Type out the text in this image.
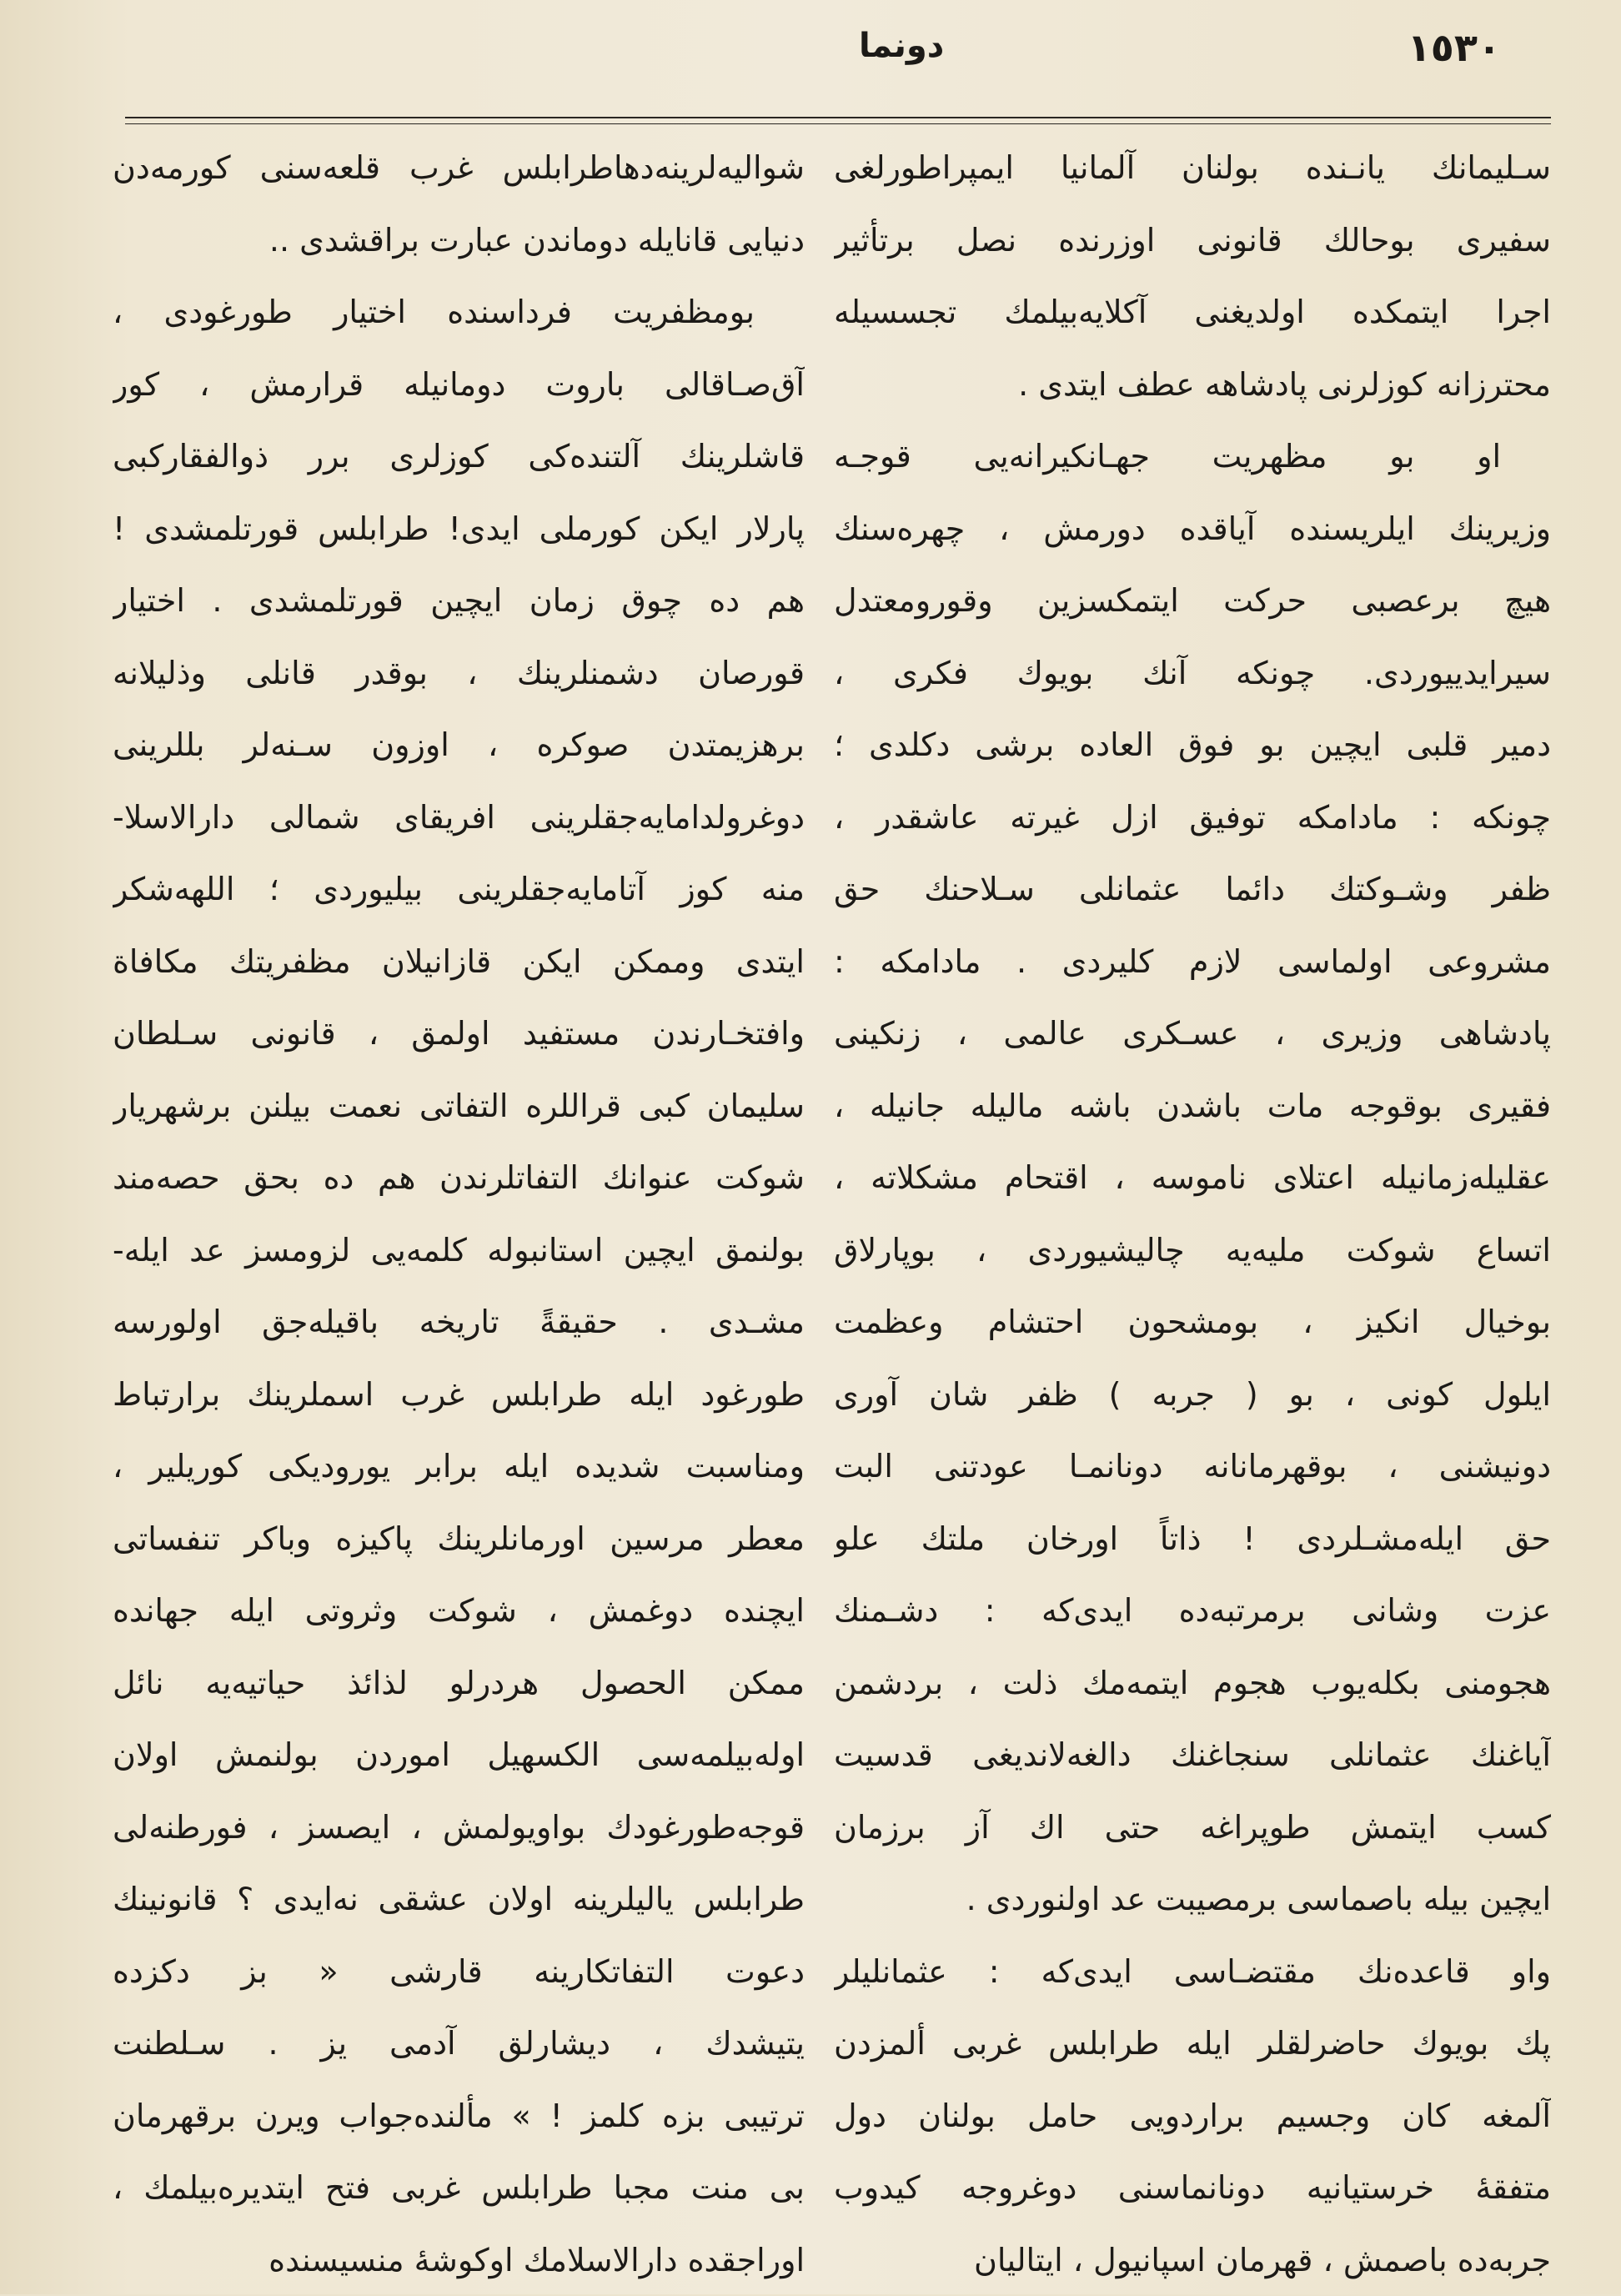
١٥٣٠
دونما
سـليمانك يانـنده بولنان آلمانيا ايمپراطورلغى
سفيرى بوحالك قانونى اوزرنده نصل برتأثير
اجرا ايتمكده اولديغنى آكلايه‌بيلمك تجسسيله
محترزانه كوزلرنى پادشاهه عطف ايتدى .
او بو مظهريت جهـانكيرانه‌يى قوجـه
وزيرينك ايلريسنده آياقده دورمش ، چهره‌سنك
هيچ برعصبى حركت ايتمكسزين وقورومعتدل
سيرايدييوردى. چونكه آنك بويوك فكرى ،
دمير قلبى ايچين بو فوق العاده برشى دكلدى ؛
چونكه : مادامكه توفيق ازل غيرته عاشقدر ،
ظفر وشـوكتك دائما عثمانلى سـلاحنك حق
مشروعى اولماسى لازم كليردى . مادامكه :
پادشاهى وزيرى ، عسـكرى عالمى ، زنكينى
فقيرى بوقوجه مات باشدن باشه ماليله جانيله ،
عقليله‌زمانيله اعتلاى ناموسه ، اقتحام مشكلاته ،
اتساع شوكت مليه‌يه چاليشيوردى ، بوپارلاق
بوخيال انكيز ، بومشحون احتشام وعظمت
ايلول كونى ، بو ( جربه ) ظفر شان آورى
دونيشنى ، بوقهرمانانه دونانمـا عودتنى البت
حق ايله‌مشـلردى ! ذاتاً اورخان ملتك علو
عزت وشانى برمرتبه‌ده ايدى‌كه : دشـمنك
هجومنى بكله‌يوب هجوم ايتمه‌مك ذلت ، بردشمن
آياغنك عثمانلى سنجاغنك دالغه‌لانديغى قدسيت
كسب ايتمش طوپراغه حتى اك آز برزمان
ايچين بيله باصماسى برمصيبت عد اولنوردى .
واو قاعده‌نك مقتضـاسى ايدى‌كه : عثمانليلر
پك بويوك حاضرلقلر ايله طرابلس غربى ألمزدن
آلمغه كان وجسيم براردويى حامل بولنان دول
متفقهٔ خرستيانيه دونانماسنى دوغروجه كيدوب
جربه‌ده باصمش ، قهرمان اسپانيول ، ايتاليان
شواليه‌لرينه‌دهاطرابلس غرب قلعه‌سنى كورمه‌دن
دنيايى قانايله دوماندن عبارت براقشدى ..
بومظفريت فرداسنده اختيار طورغودى ،
آق‌صـاقالى باروت دومانيله قرارمش ، كور
قاشلرينك آلتنده‌كى كوزلرى برر ذوالفقاركبى
پارلار ايكن كورملى ايدى! طرابلس قورتلمشدى !
هم ده چوق زمان ايچين قورتلمشدى . اختيار
قورصان دشمنلرينك ، بوقدر قانلى وذليلانه
برهزيمتدن صوكره ، اوزون سـنه‌لر بللرينى
دوغرولدامايه‌جقلرينى افريقاى شمالى دارالاسلا-
منه كوز آتامايه‌جقلرينى بيليوردى ؛ اللهه‌شكر
ايتدى وممكن ايكن قازانيلان مظفريتك مكافاة
وافتخـارندن مستفيد اولمق ، قانونى سـلطان
سليمان كبى قراللره التفاتى نعمت بيلنن برشهريار
شوكت عنوانك التفاتلرندن هم ده بحق حصه‌مند
بولنمق ايچين استانبوله كلمه‌يى لزومسز عد ايله-
مشـدى . حقيقةً تاريخه باقيله‌جق اولورسه
طورغود ايله طرابلس غرب اسملرينك برارتباط
ومناسبت شديده ايله برابر يوروديكى كوريلير ،
معطر مرسين اورمانلرينك پاكيزه وباكر تنفساتى
ايچنده دوغمش ، شوكت وثروتى ايله جهانده
ممكن الحصول هردرلو لذائذ حياتيه‌يه نائل
اوله‌بيلمه‌سى الكسهيل اموردن بولنمش اولان
قوجه‌طورغودك بواويولمش ، ايصسز ، فورطنه‌لى
طرابلس ياليلرينه اولان عشقى نه‌ايدى ؟ قانونينك
دعوت التفاتكارينه قارشى « بز دكزده
يتيشدك ، ديشارلق آدمى يز . سـلطنت
ترتيبى بزه كلمز ! » مألنده‌جواب ويرن برقهرمان
بى منت مجبا طرابلس غربى فتح ايتديره‌بيلمك ،
اوراجقده دارالاسلامك اوكوشهٔ منسيسنده
